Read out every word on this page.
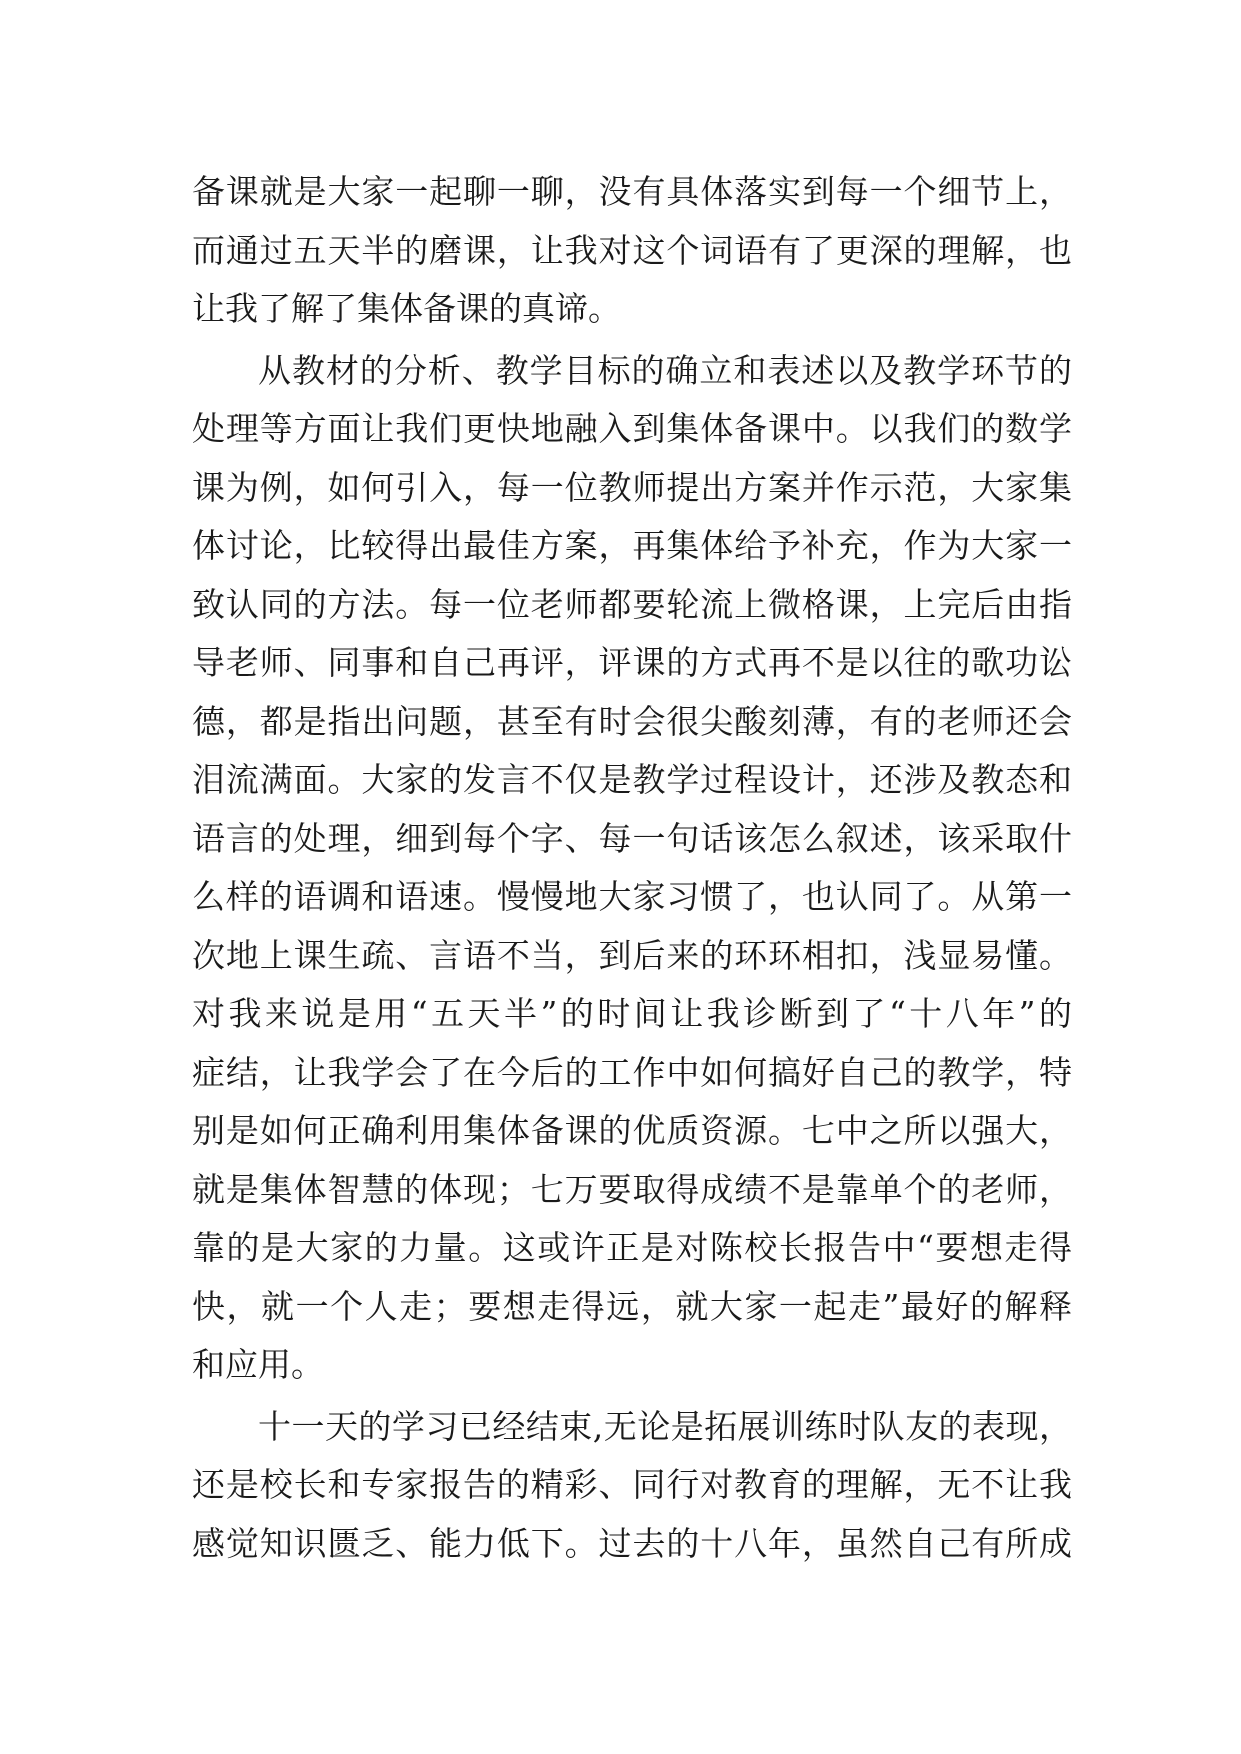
备课就是大家一起聊一聊，没有具体落实到每一个细节上，
而通过五天半的磨课，让我对这个词语有了更深的理解，也
让我了解了集体备课的真谛。
从教材的分析、教学目标的确立和表述以及教学环节的
处理等方面让我们更快地融入到集体备课中。以我们的数学
课为例，如何引入，每一位教师提出方案并作示范，大家集
体讨论，比较得出最佳方案，再集体给予补充，作为大家一
致认同的方法。每一位老师都要轮流上微格课，上完后由指
导老师、同事和自己再评，评课的方式再不是以往的歌功讼
德，都是指出问题，甚至有时会很尖酸刻薄，有的老师还会
泪流满面。大家的发言不仅是教学过程设计，还涉及教态和
语言的处理，细到每个字、每一句话该怎么叙述，该采取什
么样的语调和语速。慢慢地大家习惯了，也认同了。从第一
次地上课生疏、言语不当，到后来的环环相扣，浅显易懂。
对我来说是用“五天半”的时间让我诊断到了“十八年”的
症结，让我学会了在今后的工作中如何搞好自己的教学，特
别是如何正确利用集体备课的优质资源。七中之所以强大，
就是集体智慧的体现；七万要取得成绩不是靠单个的老师，
靠的是大家的力量。这或许正是对陈校长报告中“要想走得
快，就一个人走；要想走得远，就大家一起走”最好的解释
和应用。
十一天的学习已经结束,无论是拓展训练时队友的表现，
还是校长和专家报告的精彩、同行对教育的理解，无不让我
感觉知识匮乏、能力低下。过去的十八年，虽然自己有所成
